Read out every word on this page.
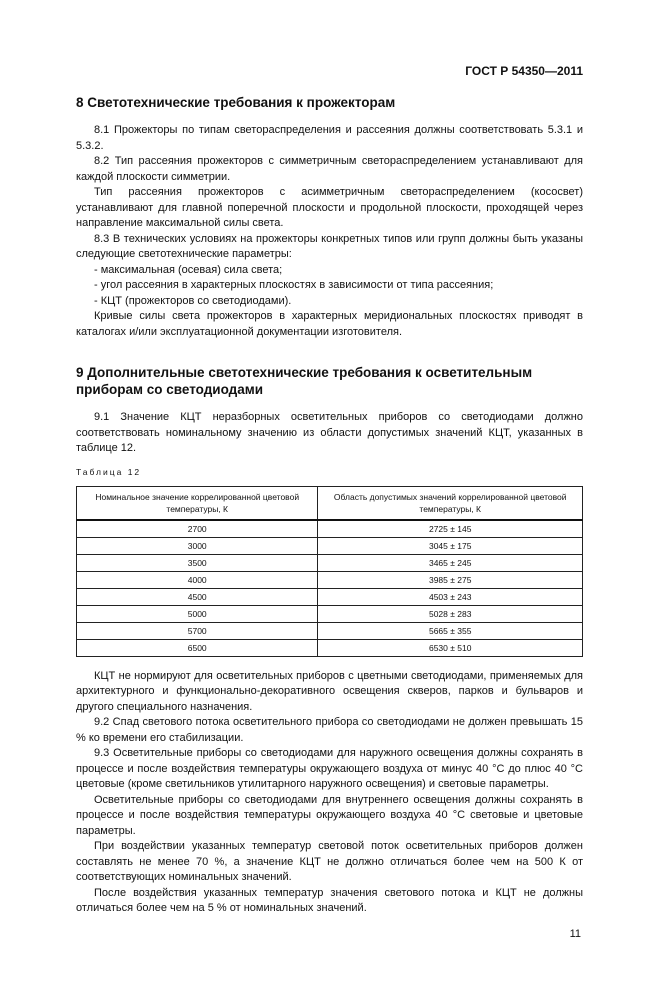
ГОСТ Р 54350—2011
8 Светотехнические требования к прожекторам

8.1 Прожекторы по типам светораспределения и рассеяния должны соответствовать 5.3.1 и 5.3.2.

8.2 Тип рассеяния прожекторов с симметричным светораспределением устанавливают для каждой плоскости симметрии.

Тип рассеяния прожекторов с асимметричным светораспределением (кососвет) устанавливают для главной поперечной плоскости и продольной плоскости, проходящей через направление максимальной силы света.

8.3 В технических условиях на прожекторы конкретных типов или групп должны быть указаны следующие светотехнические параметры:

- максимальная (осевая) сила света;

- угол рассеяния в характерных плоскостях в зависимости от типа рассеяния;

- КЦТ (прожекторов со светодиодами).

Кривые силы света прожекторов в характерных меридиональных плоскостях приводят в каталогах и/или эксплуатационной документации изготовителя.

9 Дополнительные светотехнические требования к осветительным приборам со светодиодами

9.1 Значение КЦТ неразборных осветительных приборов со светодиодами должно соответствовать номинальному значению из области допустимых значений КЦТ, указанных в таблице 12.

Таблица 12
Номинальное значение коррелированной цветовой температуры, К	Область допустимых значений коррелированной цветовой температуры, К
2700	2725 ± 145
3000	3045 ± 175
3500	3465 ± 245
4000	3985 ± 275
4500	4503 ± 243
5000	5028 ± 283
5700	5665 ± 355
6500	6530 ± 510

КЦТ не нормируют для осветительных приборов с цветными светодиодами, применяемых для архитектурного и функционально-декоративного освещения скверов, парков и бульваров и другого специального назначения.

9.2 Спад светового потока осветительного прибора со светодиодами не должен превышать 15 % ко времени его стабилизации.

9.3 Осветительные приборы со светодиодами для наружного освещения должны сохранять в процессе и после воздействия температуры окружающего воздуха от минус 40 °С до плюс 40 °С цветовые (кроме светильников утилитарного наружного освещения) и световые параметры.

Осветительные приборы со светодиодами для внутреннего освещения должны сохранять в процессе и после воздействия температуры окружающего воздуха 40 °С световые и цветовые параметры.

При воздействии указанных температур световой поток осветительных приборов должен составлять не менее 70 %, а значение КЦТ не должно отличаться более чем на 500 К от соответствующих номинальных значений.

После воздействия указанных температур значения светового потока и КЦТ не должны отличаться более чем на 5 % от номинальных значений.

11
